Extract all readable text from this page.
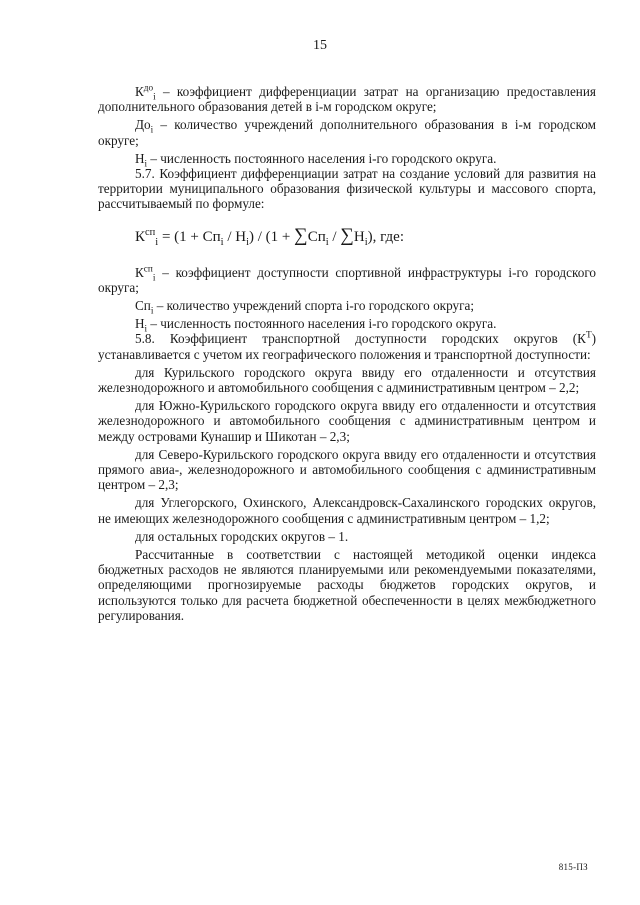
15

$К^{до}_i$ – коэффициент дифференциации затрат на организацию предоставления дополнительного образования детей в i-м городском округе;

$До_i$ – количество учреждений дополнительного образования в i-м городском округе;

$Н_i$ – численность постоянного населения i-го городского округа.

5.7. Коэффициент дифференциации затрат на создание условий для развития на территории муниципального образования физической культуры и массового спорта, рассчитываемый по формуле:

$К^{сп}_i = (1 + Сп_i / Н_i) / (1 + \sum Сп_i / \sum Н_i)$, где:

$К^{сп}_i$ – коэффициент доступности спортивной инфраструктуры i-го городского округа;

$Сп_i$ – количество учреждений спорта i-го городского округа;

$Н_i$ – численность постоянного населения i-го городского округа.

5.8. Коэффициент транспортной доступности городских округов $(К^Т)$ устанавливается с учетом их географического положения и транспортной доступности:

для Курильского городского округа ввиду его отдаленности и отсутствия железнодорожного и автомобильного сообщения с административным центром – 2,2;

для Южно-Курильского городского округа ввиду его отдаленности и отсутствия железнодорожного и автомобильного сообщения с административным центром и между островами Кунашир и Шикотан – 2,3;

для Северо-Курильского городского округа ввиду его отдаленности и отсутствия прямого авиа-, железнодорожного и автомобильного сообщения с административным центром – 2,3;

для Углегорского, Охинского, Александровск-Сахалинского городских округов, не имеющих железнодорожного сообщения с административным центром – 1,2;

для остальных городских округов – 1.

Рассчитанные в соответствии с настоящей методикой оценки индекса бюджетных расходов не являются планируемыми или рекомендуемыми показателями, определяющими прогнозируемые расходы бюджетов городских округов, и используются только для расчета бюджетной обеспеченности в целях межбюджетного регулирования.

815-ПЗ
